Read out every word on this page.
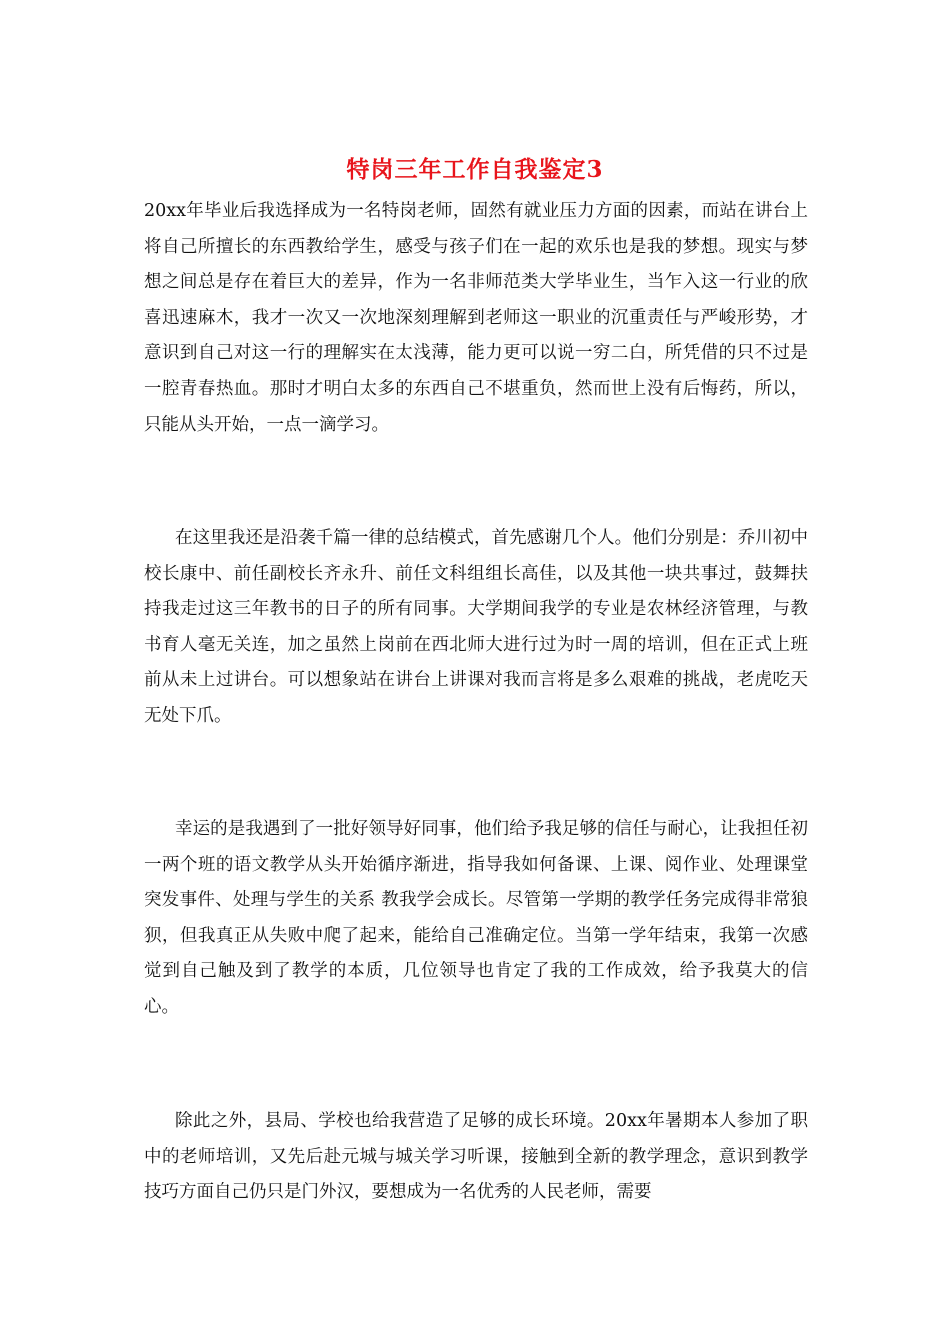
特岗三年工作自我鉴定3

20xx年毕业后我选择成为一名特岗老师，固然有就业压力方面的因素，而站在讲台上将自己所擅长的东西教给学生，感受与孩子们在一起的欢乐也是我的梦想。现实与梦想之间总是存在着巨大的差异，作为一名非师范类大学毕业生，当乍入这一行业的欣喜迅速麻木，我才一次又一次地深刻理解到老师这一职业的沉重责任与严峻形势，才意识到自己对这一行的理解实在太浅薄，能力更可以说一穷二白，所凭借的只不过是一腔青春热血。那时才明白太多的东西自己不堪重负，然而世上没有后悔药，所以，只能从头开始，一点一滴学习。

在这里我还是沿袭千篇一律的总结模式，首先感谢几个人。他们分别是：乔川初中校长康中、前任副校长齐永升、前任文科组组长高佳，以及其他一块共事过，鼓舞扶持我走过这三年教书的日子的所有同事。大学期间我学的专业是农林经济管理，与教书育人毫无关连，加之虽然上岗前在西北师大进行过为时一周的培训，但在正式上班前从未上过讲台。可以想象站在讲台上讲课对我而言将是多么艰难的挑战，老虎吃天无处下爪。

幸运的是我遇到了一批好领导好同事，他们给予我足够的信任与耐心，让我担任初一两个班的语文教学从头开始循序渐进，指导我如何备课、上课、阅作业、处理课堂突发事件、处理与学生的关系 教我学会成长。尽管第一学期的教学任务完成得非常狼狈，但我真正从失败中爬了起来，能给自己准确定位。当第一学年结束，我第一次感觉到自己触及到了教学的本质，几位领导也肯定了我的工作成效，给予我莫大的信心。

除此之外，县局、学校也给我营造了足够的成长环境。20xx年暑期本人参加了职中的老师培训，又先后赴元城与城关学习听课，接触到全新的教学理念，意识到教学技巧方面自己仍只是门外汉，要想成为一名优秀的人民老师，需要
